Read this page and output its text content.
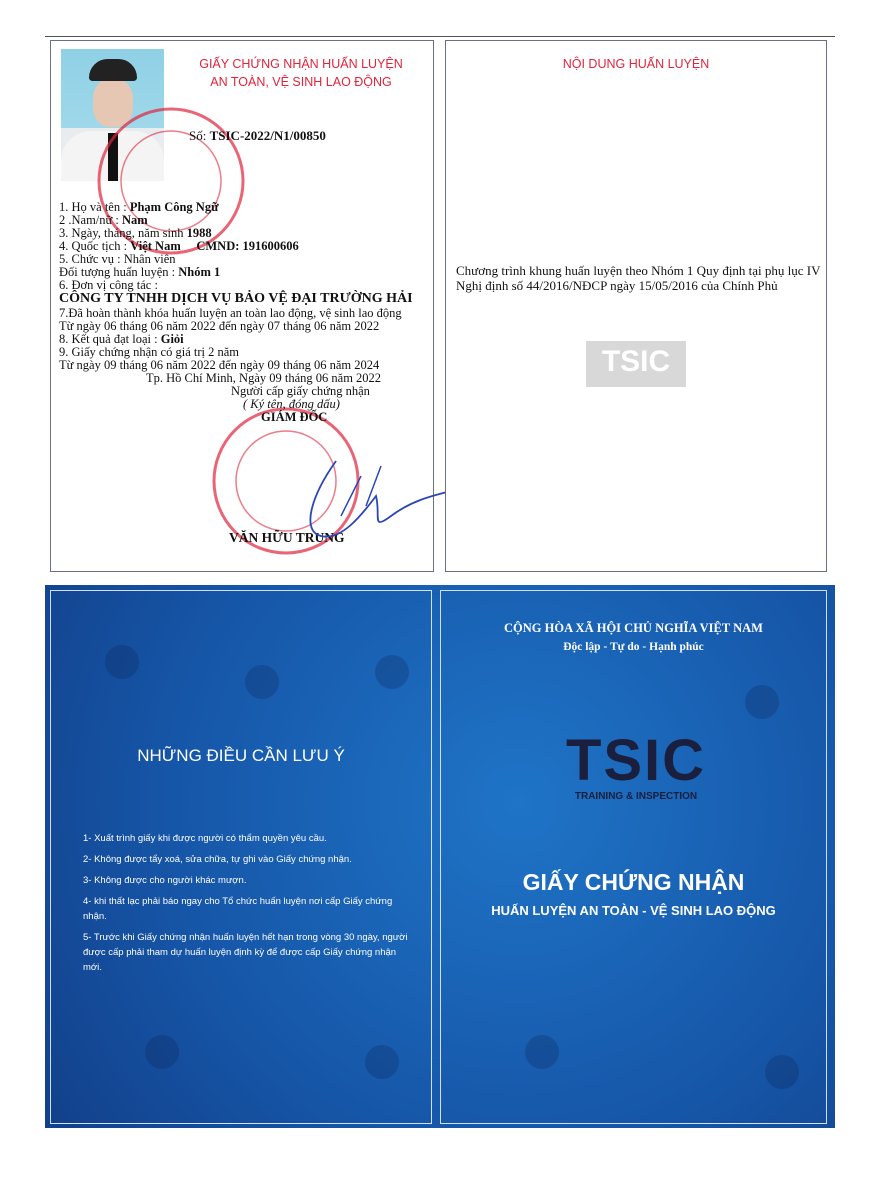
GIẤY CHỨNG NHẬN HUẤN LUYỆN
AN TOÀN, VỆ SINH LAO ĐỘNG
Số: TSIC-2022/N1/00850
1. Họ và tên : Phạm Công Ngữ
2 .Nam/nữ : Nam
3. Ngày, tháng, năm sinh 1988
4. Quốc tịch : Việt Nam CMND: 191600606
5. Chức vụ : Nhân viên
Đối tượng huấn luyện : Nhóm 1
6. Đơn vị công tác :
CÔNG TY TNHH DỊCH VỤ BẢO VỆ ĐẠI TRƯỜNG HẢI
7.Đã hoàn thành khóa huấn luyện an toàn lao động, vệ sinh lao động
Từ ngày 06 tháng 06 năm 2022 đến ngày 07 tháng 06 năm 2022
8. Kết quả đạt loại : Giỏi
9. Giấy chứng nhận có giá trị 2 năm
Từ ngày 09 tháng 06 năm 2022 đến ngày 09 tháng 06 năm 2024
Tp. Hồ Chí Minh, Ngày 09 tháng 06 năm 2022
Người cấp giấy chứng nhận
( Ký tên, đóng dấu)
GIÁM ĐỐC
VĂN HỮU TRUNG
NỘI DUNG HUẤN LUYỆN
TSIC
Chương trình khung huấn luyện theo Nhóm 1 Quy định tại phụ lục IV Nghị định số 44/2016/NĐCP ngày 15/05/2016 của Chính Phủ
NHỮNG ĐIỀU CẦN LƯU Ý
1- Xuất trình giấy khi được người có thẩm quyền yêu cầu.
2- Không được tẩy xoá, sửa chữa, tự ghi vào Giấy chứng nhận.
3- Không được cho người khác mượn.
4- khi thất lạc phải báo ngay cho Tổ chức huấn luyện nơi cấp Giấy chứng nhận.
5- Trước khi Giấy chứng nhận huấn luyện hết hạn trong vòng 30 ngày, người được cấp phải tham dự huấn luyện định kỳ để được cấp Giấy chứng nhận mới.
CỘNG HÒA XÃ HỘI CHỦ NGHĨA VIỆT NAM
Độc lập - Tự do - Hạnh phúc
TSIC
TRAINING & INSPECTION
GIẤY CHỨNG NHẬN
HUẤN LUYỆN AN TOÀN - VỆ SINH LAO ĐỘNG
